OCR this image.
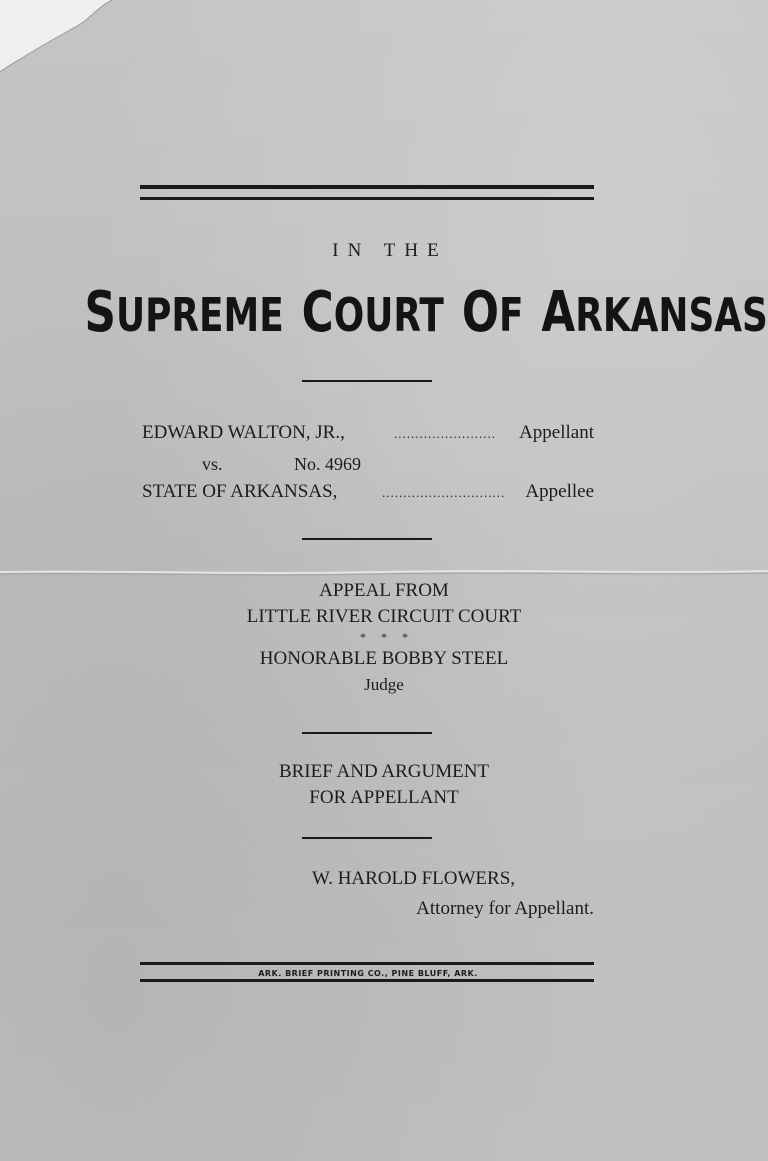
IN THE
SUPREME  COURT  OF  ARKANSAS
EDWARD WALTON, JR.,	........................ Appellant
vs.	No. 4969
STATE OF ARKANSAS,	............................. Appellee
APPEAL FROM
LITTLE RIVER CIRCUIT COURT
* * *
HONORABLE BOBBY STEEL
Judge
BRIEF AND ARGUMENT
FOR APPELLANT
W. HAROLD FLOWERS,
Attorney for Appellant.
ARK. BRIEF PRINTING CO., PINE BLUFF, ARK.
